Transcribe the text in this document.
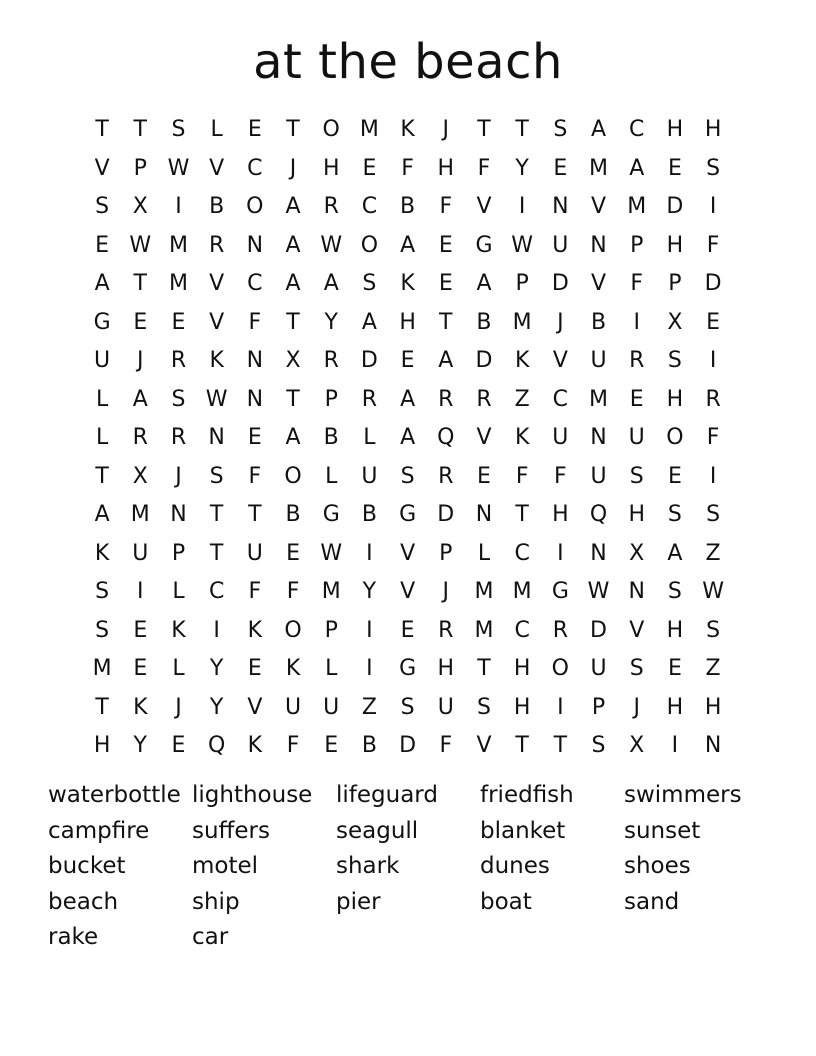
at the beach
T	T	S	L	E	T	O M K	J	T	T	S	A	C	H H
V	P W V	C	J	H	E	F	H	F	Y	E M A	E	S
S	X	I	B O	A	R	C	B	F	V	I	N	V M D	I
E W M R	N	A W O	A	E	G W U N	P	H	F
A	T M V	C	A	A	S	K	E	A	P	D	V	F	P	D
G	E	E	V	F	T	Y	A	H	T	B M	J	B	I	X	E
U	J	R	K	N	X	R	D	E	A	D	K	V	U	R	S	I
L	A	S W N	T	P	R	A	R	R	Z	C M E	H	R
L	R	R	N	E	A	B	L	A Q	V	K	U N U O	F
T	X	J	S	F	O	L	U	S	R	E	F	F	U	S	E	I
A M N	T	T	B	G	B	G D N	T	H Q H	S	S
K	U	P	T	U	E W	I	V	P	L	C	I	N	X	A	Z
S	I	L	C	F	F	M Y	V	J	M M G W N	S W
S	E	K	I	K	O	P	I	E	R M C	R	D	V	H	S
M E	L	Y	E	K	L	I	G H	T	H O U	S	E	Z
T	K	J	Y	V	U	U	Z	S	U	S	H	I	P	J	H H
H	Y	E	Q	K	F	E	B	D	F	V	T	T	S	X	I	N
waterbottle lighthouse	lifeguard	friedfish	swimmers
campfire	suffers	seagull	blanket	sunset
bucket	motel	shark	dunes	shoes
beach	ship	pier	boat	sand
rake	car
